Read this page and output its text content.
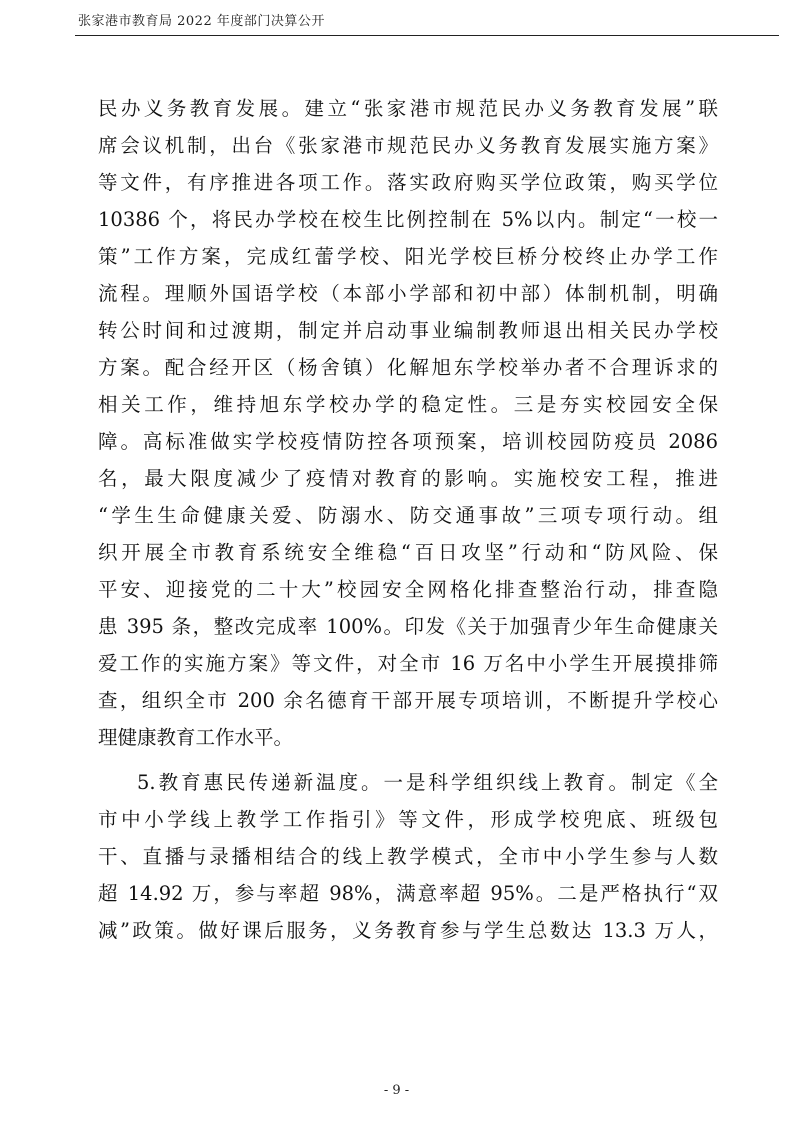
张家港市教育局 2022 年度部门决算公开
民办义务教育发展。建立“张家港市规范民办义务教育发展”联
席会议机制，出台《张家港市规范民办义务教育发展实施方案》
等文件，有序推进各项工作。落实政府购买学位政策，购买学位
10386 个，将民办学校在校生比例控制在 5%以内。制定“一校一
策”工作方案，完成红蕾学校、阳光学校巨桥分校终止办学工作
流程。理顺外国语学校（本部小学部和初中部）体制机制，明确
转公时间和过渡期，制定并启动事业编制教师退出相关民办学校
方案。配合经开区（杨舍镇）化解旭东学校举办者不合理诉求的
相关工作，维持旭东学校办学的稳定性。三是夯实校园安全保
障。高标准做实学校疫情防控各项预案，培训校园防疫员 2086
名，最大限度减少了疫情对教育的影响。实施校安工程，推进
“学生生命健康关爱、防溺水、防交通事故”三项专项行动。组
织开展全市教育系统安全维稳“百日攻坚”行动和“防风险、保
平安、迎接党的二十大”校园安全网格化排查整治行动，排查隐
患 395 条，整改完成率 100%。印发《关于加强青少年生命健康关
爱工作的实施方案》等文件，对全市 16 万名中小学生开展摸排筛
查，组织全市 200 余名德育干部开展专项培训，不断提升学校心
理健康教育工作水平。
5.教育惠民传递新温度。一是科学组织线上教育。制定《全
市中小学线上教学工作指引》等文件，形成学校兜底、班级包
干、直播与录播相结合的线上教学模式，全市中小学生参与人数
超 14.92 万，参与率超 98%，满意率超 95%。二是严格执行“双
减”政策。做好课后服务，义务教育参与学生总数达 13.3 万人，
- 9 -
